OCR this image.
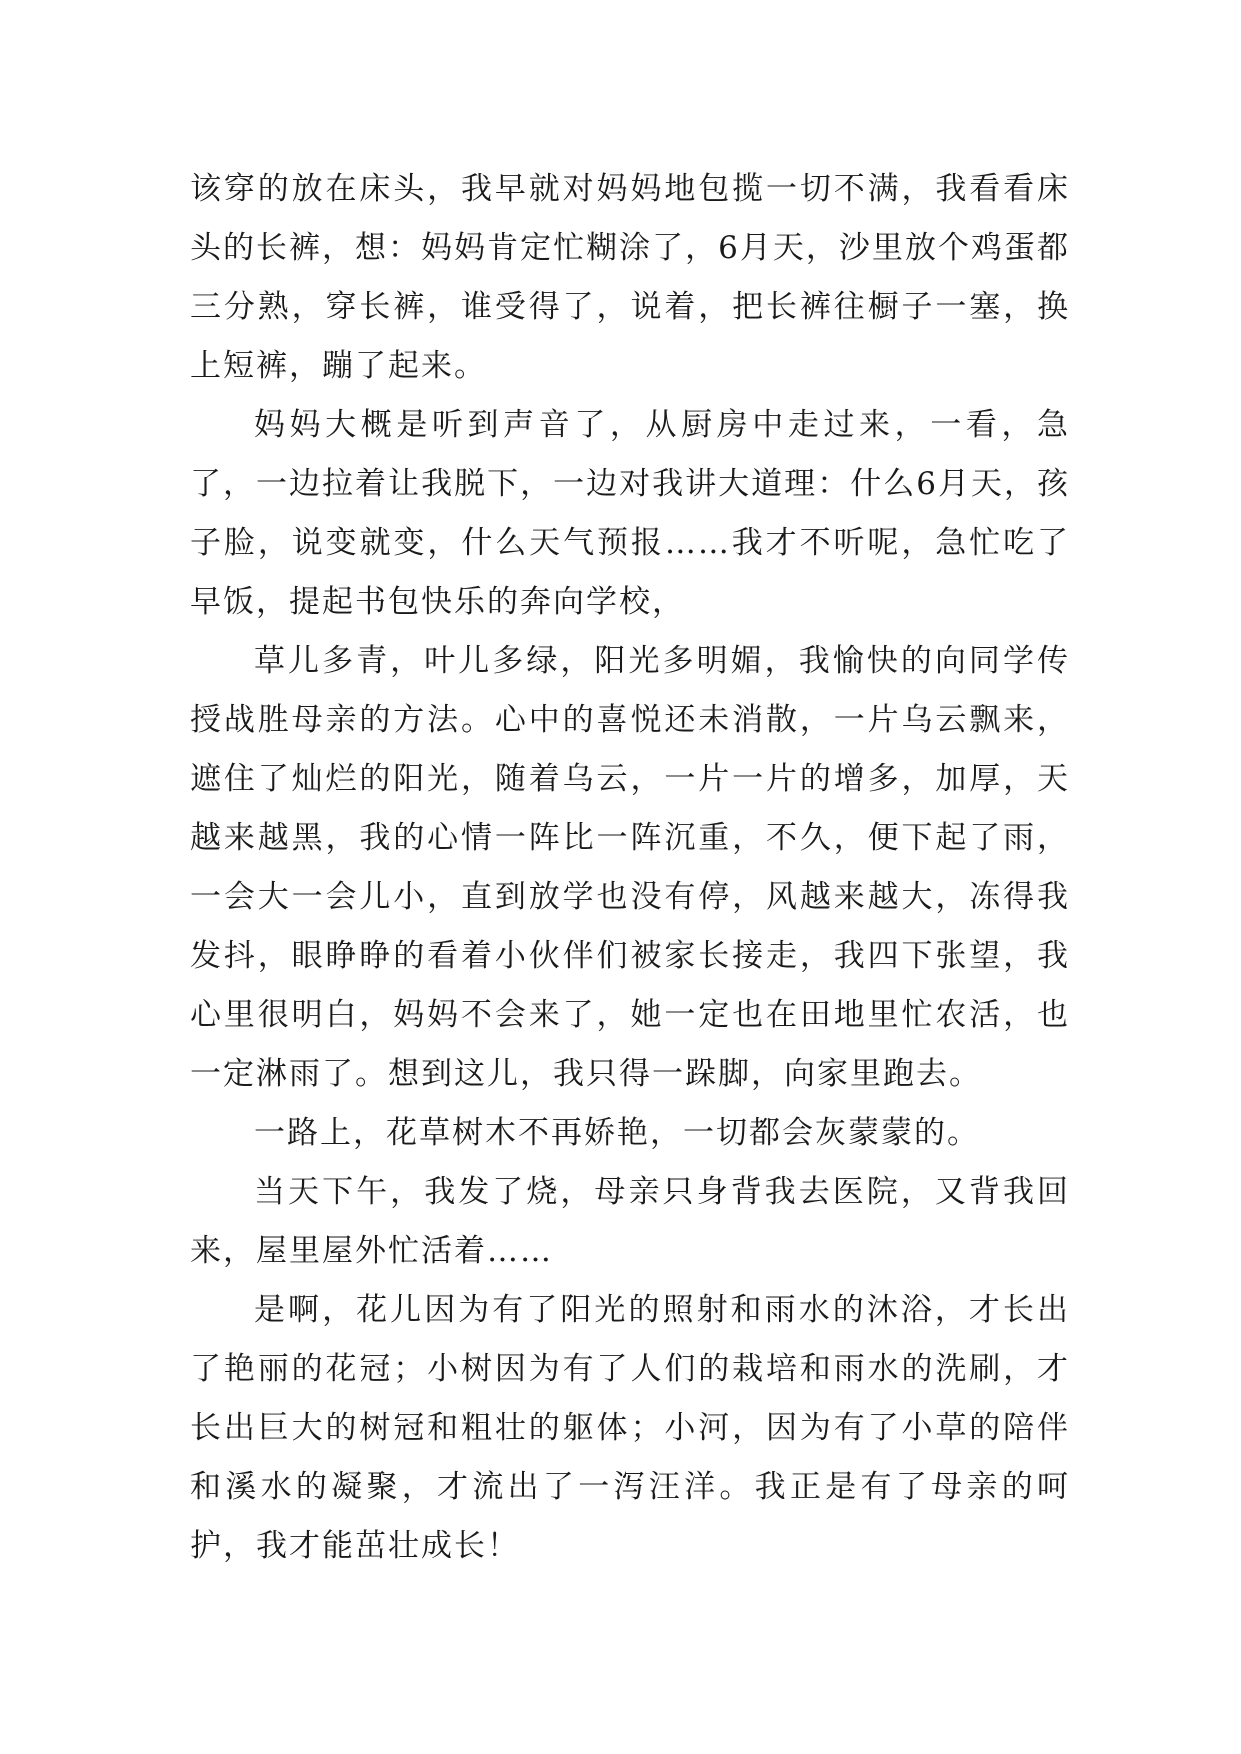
该穿的放在床头，我早就对妈妈地包揽一切不满，我看看床头的长裤，想：妈妈肯定忙糊涂了，6月天，沙里放个鸡蛋都三分熟，穿长裤，谁受得了，说着，把长裤往橱子一塞，换上短裤，蹦了起来。

妈妈大概是听到声音了，从厨房中走过来，一看，急了，一边拉着让我脱下，一边对我讲大道理：什么6月天，孩子脸，说变就变，什么天气预报……我才不听呢，急忙吃了早饭，提起书包快乐的奔向学校，

草儿多青，叶儿多绿，阳光多明媚，我愉快的向同学传授战胜母亲的方法。心中的喜悦还未消散，一片乌云飘来，遮住了灿烂的阳光，随着乌云，一片一片的增多，加厚，天越来越黑，我的心情一阵比一阵沉重，不久，便下起了雨，一会大一会儿小，直到放学也没有停，风越来越大，冻得我发抖，眼睁睁的看着小伙伴们被家长接走，我四下张望，我心里很明白，妈妈不会来了，她一定也在田地里忙农活，也一定淋雨了。想到这儿，我只得一跺脚，向家里跑去。

一路上，花草树木不再娇艳，一切都会灰蒙蒙的。

当天下午，我发了烧，母亲只身背我去医院，又背我回来，屋里屋外忙活着……

是啊，花儿因为有了阳光的照射和雨水的沐浴，才长出了艳丽的花冠；小树因为有了人们的栽培和雨水的洗刷，才长出巨大的树冠和粗壮的躯体；小河，因为有了小草的陪伴和溪水的凝聚，才流出了一泻汪洋。我正是有了母亲的呵护，我才能茁壮成长！
